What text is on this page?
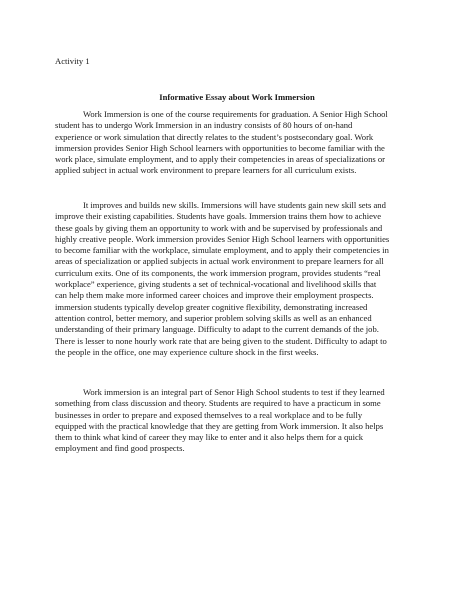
Activity 1

Informative Essay about Work Immersion

Work Immersion is one of the course requirements for graduation. A Senior High School
student has to undergo Work Immersion in an industry consists of 80 hours of on-hand
experience or work simulation that directly relates to the student’s postsecondary goal. Work
immersion provides Senior High School learners with opportunities to become familiar with the
work place, simulate employment, and to apply their competencies in areas of specializations or
applied subject in actual work environment to prepare learners for all curriculum exists.

It improves and builds new skills. Immersions will have students gain new skill sets and
improve their existing capabilities. Students have goals. Immersion trains them how to achieve
these goals by giving them an opportunity to work with and be supervised by professionals and
highly creative people. Work immersion provides Senior High School learners with opportunities
to become familiar with the workplace, simulate employment, and to apply their competencies in
areas of specialization or applied subjects in actual work environment to prepare learners for all
curriculum exits. One of its components, the work immersion program, provides students “real
workplace” experience, giving students a set of technical-vocational and livelihood skills that
can help them make more informed career choices and improve their employment prospects.
immersion students typically develop greater cognitive flexibility, demonstrating increased
attention control, better memory, and superior problem solving skills as well as an enhanced
understanding of their primary language. Difficulty to adapt to the current demands of the job.
There is lesser to none hourly work rate that are being given to the student. Difficulty to adapt to
the people in the office, one may experience culture shock in the first weeks.

Work immersion is an integral part of Senor High School students to test if they learned
something from class discussion and theory. Students are required to have a practicum in some
businesses in order to prepare and exposed themselves to a real workplace and to be fully
equipped with the practical knowledge that they are getting from Work immersion. It also helps
them to think what kind of career they may like to enter and it also helps them for a quick
employment and find good prospects.
